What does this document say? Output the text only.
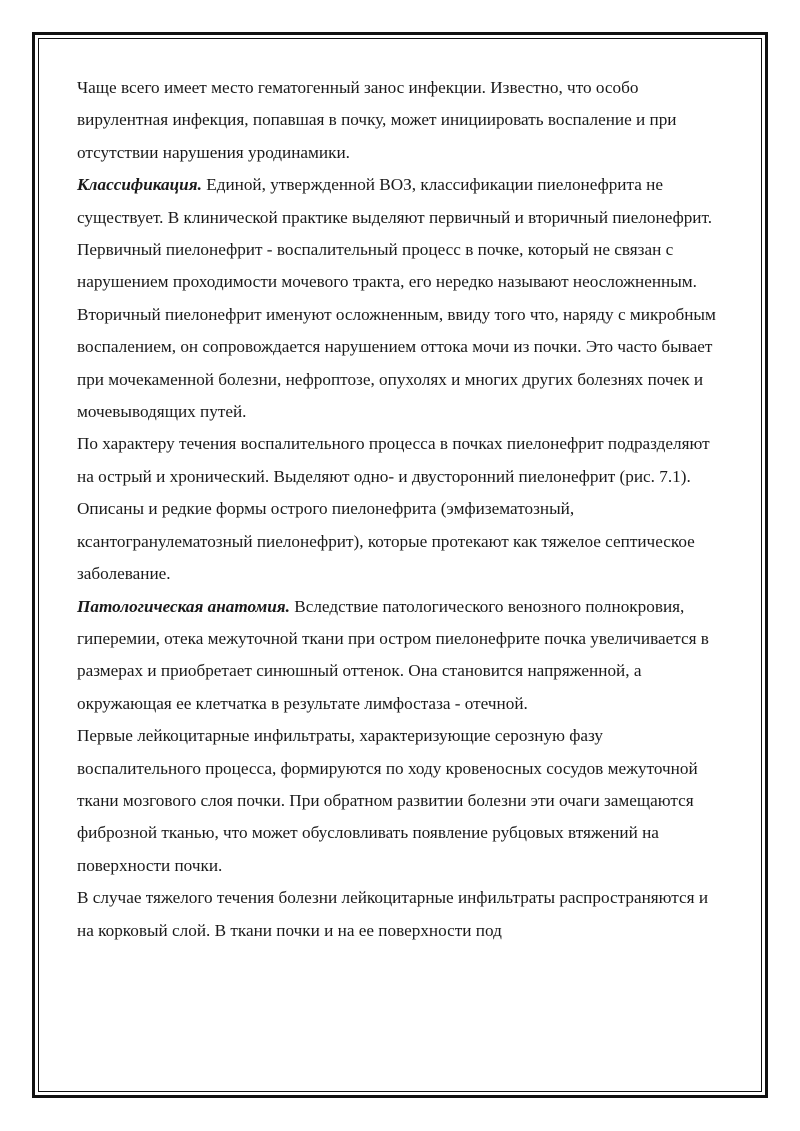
Чаще всего имеет место гематогенный занос инфекции. Известно, что особо вирулентная инфекция, попавшая в почку, может инициировать воспаление и при отсутствии нарушения уродинамики.

Классификация. Единой, утвержденной ВОЗ, классификации пиелонефрита не существует. В клинической практике выделяют первичный и вторичный пиелонефрит. Первичный пиелонефрит - воспалительный процесс в почке, который не связан с нарушением проходимости мочевого тракта, его нередко называют неосложненным. Вторичный пиелонефрит именуют осложненным, ввиду того что, наряду с микробным воспалением, он сопровождается нарушением оттока мочи из почки. Это часто бывает при мочекаменной болезни, нефроптозе, опухолях и многих других болезнях почек и мочевыводящих путей.

По характеру течения воспалительного процесса в почках пиелонефрит подразделяют на острый и хронический. Выделяют одно- и двусторонний пиелонефрит (рис. 7.1).

Описаны и редкие формы острого пиелонефрита (эмфизематозный, ксантогранулематозный пиелонефрит), которые протекают как тяжелое септическое заболевание.

Патологическая анатомия. Вследствие патологического венозного полнокровия, гиперемии, отека межуточной ткани при остром пиелонефрите почка увеличивается в размерах и приобретает синюшный оттенок. Она становится напряженной, а окружающая ее клетчатка в результате лимфостаза - отечной.

Первые лейкоцитарные инфильтраты, характеризующие серозную фазу воспалительного процесса, формируются по ходу кровеносных сосудов межуточной ткани мозгового слоя почки. При обратном развитии болезни эти очаги замещаются фиброзной тканью, что может обусловливать появление рубцовых втяжений на поверхности почки.

В случае тяжелого течения болезни лейкоцитарные инфильтраты распространяются и на корковый слой. В ткани почки и на ее поверхности под
